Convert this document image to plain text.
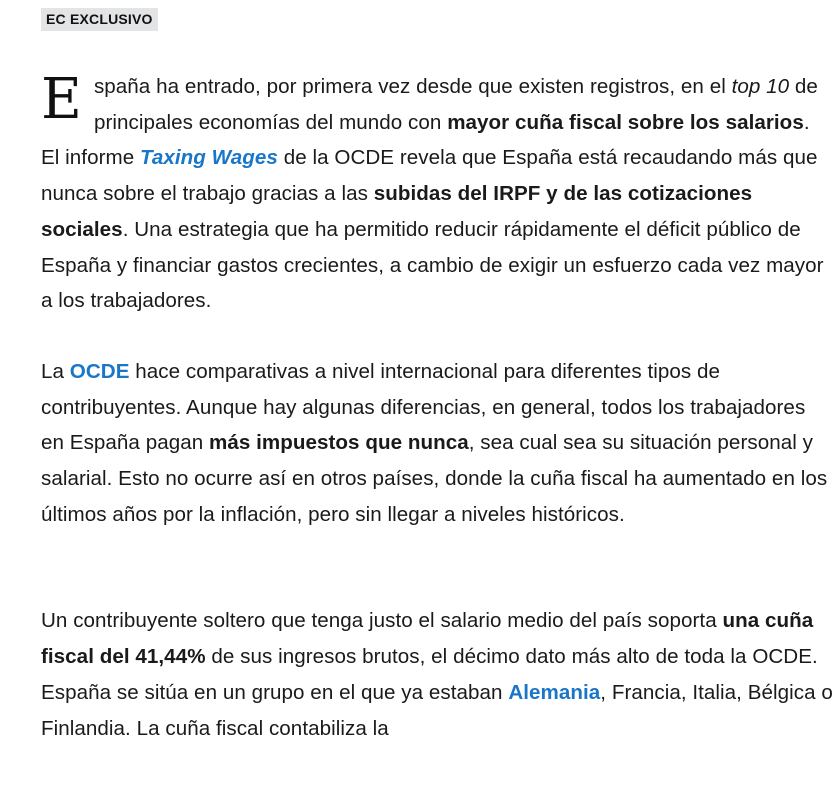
EC EXCLUSIVO

España ha entrado, por primera vez desde que existen registros, en el top 10 de principales economías del mundo con mayor cuña fiscal sobre los salarios. El informe Taxing Wages de la OCDE revela que España está recaudando más que nunca sobre el trabajo gracias a las subidas del IRPF y de las cotizaciones sociales. Una estrategia que ha permitido reducir rápidamente el déficit público de España y financiar gastos crecientes, a cambio de exigir un esfuerzo cada vez mayor a los trabajadores.

La OCDE hace comparativas a nivel internacional para diferentes tipos de contribuyentes. Aunque hay algunas diferencias, en general, todos los trabajadores en España pagan más impuestos que nunca, sea cual sea su situación personal y salarial. Esto no ocurre así en otros países, donde la cuña fiscal ha aumentado en los últimos años por la inflación, pero sin llegar a niveles históricos.

Un contribuyente soltero que tenga justo el salario medio del país soporta una cuña fiscal del 41,44% de sus ingresos brutos, el décimo dato más alto de toda la OCDE. España se sitúa en un grupo en el que ya estaban Alemania, Francia, Italia, Bélgica o Finlandia. La cuña fiscal contabiliza la
